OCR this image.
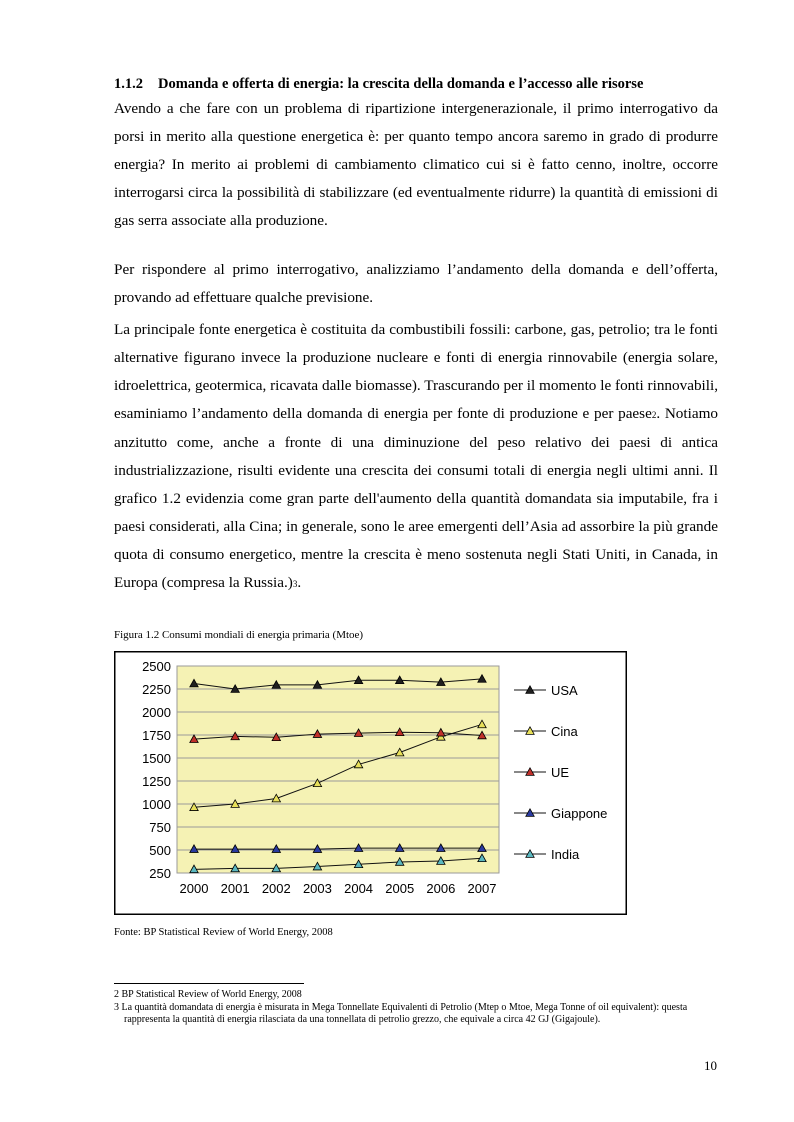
1.1.2 Domanda e offerta di energia: la crescita della domanda e l’accesso alle risorse

Avendo a che fare con un problema di ripartizione intergenerazionale, il primo interrogativo da porsi in merito alla questione energetica è: per quanto tempo ancora saremo in grado di produrre energia? In merito ai problemi di cambiamento climatico cui si è fatto cenno, inoltre, occorre interrogarsi circa la possibilità di stabilizzare (ed eventualmente ridurre) la quantità di emissioni di gas serra associate alla produzione.

Per rispondere al primo interrogativo, analizziamo l’andamento della domanda e dell’offerta, provando ad effettuare qualche previsione.

La principale fonte energetica è costituita da combustibili fossili: carbone, gas, petrolio; tra le fonti alternative figurano invece la produzione nucleare e fonti di energia rinnovabile (energia solare, idroelettrica, geotermica, ricavata dalle biomasse). Trascurando per il momento le fonti rinnovabili, esaminiamo l’andamento della domanda di energia per fonte di produzione e per paese2. Notiamo anzitutto come, anche a fronte di una diminuzione del peso relativo dei paesi di antica industrializzazione, risulti evidente una crescita dei consumi totali di energia negli ultimi anni. Il grafico 1.2 evidenzia come gran parte dell'aumento della quantità domandata sia imputabile, fra i paesi considerati, alla Cina; in generale, sono le aree emergenti dell’Asia ad assorbire la più grande quota di consumo energetico, mentre la crescita è meno sostenuta negli Stati Uniti, in Canada, in Europa (compresa la Russia.)3.

Figura 1.2 Consumi mondiali di energia primaria (Mtoe)
250
500
750
1000
1250
1500
1750
2000
2250
2500
2000 2001 2002 2003 2004 2005 2006 2007
USA
Cina
UE
Giappone
India
Fonte: BP Statistical Review of World Energy, 2008
2 BP Statistical Review of World Energy, 2008
3 La quantità domandata di energia è misurata in Mega Tonnellate Equivalenti di Petrolio (Mtep o Mtoe, Mega Tonne of oil equivalent): questa rappresenta la quantità di energia rilasciata da una tonnellata di petrolio grezzo, che equivale a circa 42 GJ (Gigajoule).
10
